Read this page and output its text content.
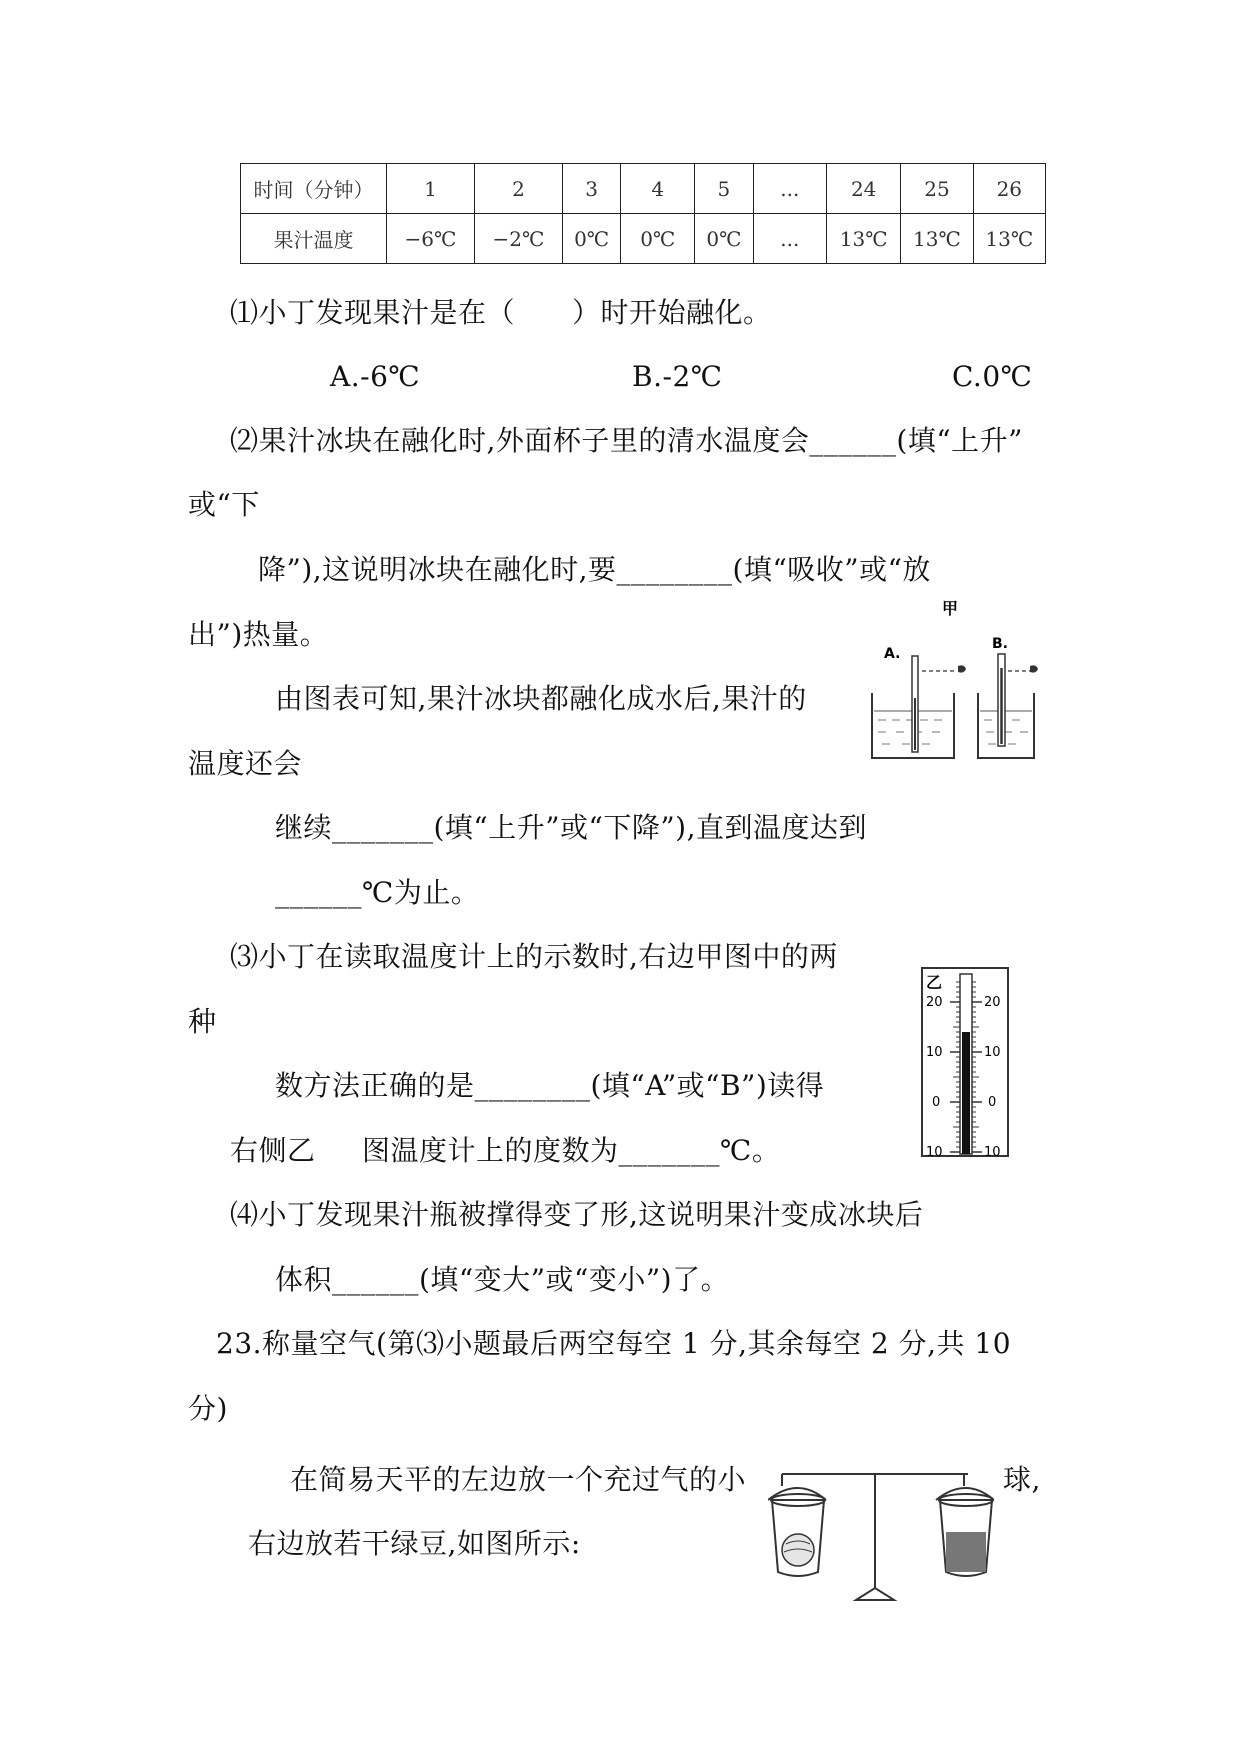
时间（分钟）	1	2	3	4	5	...	24	25	26
果汁温度	−6℃	−2℃	0℃	0℃	0℃	...	13℃	13℃	13℃
⑴小丁发现果汁是在（　　）时开始融化。
A.-6℃	B.-2℃	C.0℃
⑵果汁冰块在融化时,外面杯子里的清水温度会______(填“上升”
或“下
降”),这说明冰块在融化时,要________(填“吸收”或“放
出”)热量。
由图表可知,果汁冰块都融化成水后,果汁的
温度还会
继续_______(填“上升”或“下降”),直到温度达到
______℃为止。
⑶小丁在读取温度计上的示数时,右边甲图中的两
种
数方法正确的是________(填“A”或“B”)读得
右侧乙 图温度计上的度数为_______℃。
⑷小丁发现果汁瓶被撑得变了形,这说明果汁变成冰块后
体积______(填“变大”或“变小”)了。
23.称量空气(第⑶小题最后两空每空 1 分,其余每空 2 分,共 10
分)
在简易天平的左边放一个充过气的小	球,
右边放若干绿豆,如图所示:
甲
A.
B.
乙
20
10
0
10
20
10
0
10
